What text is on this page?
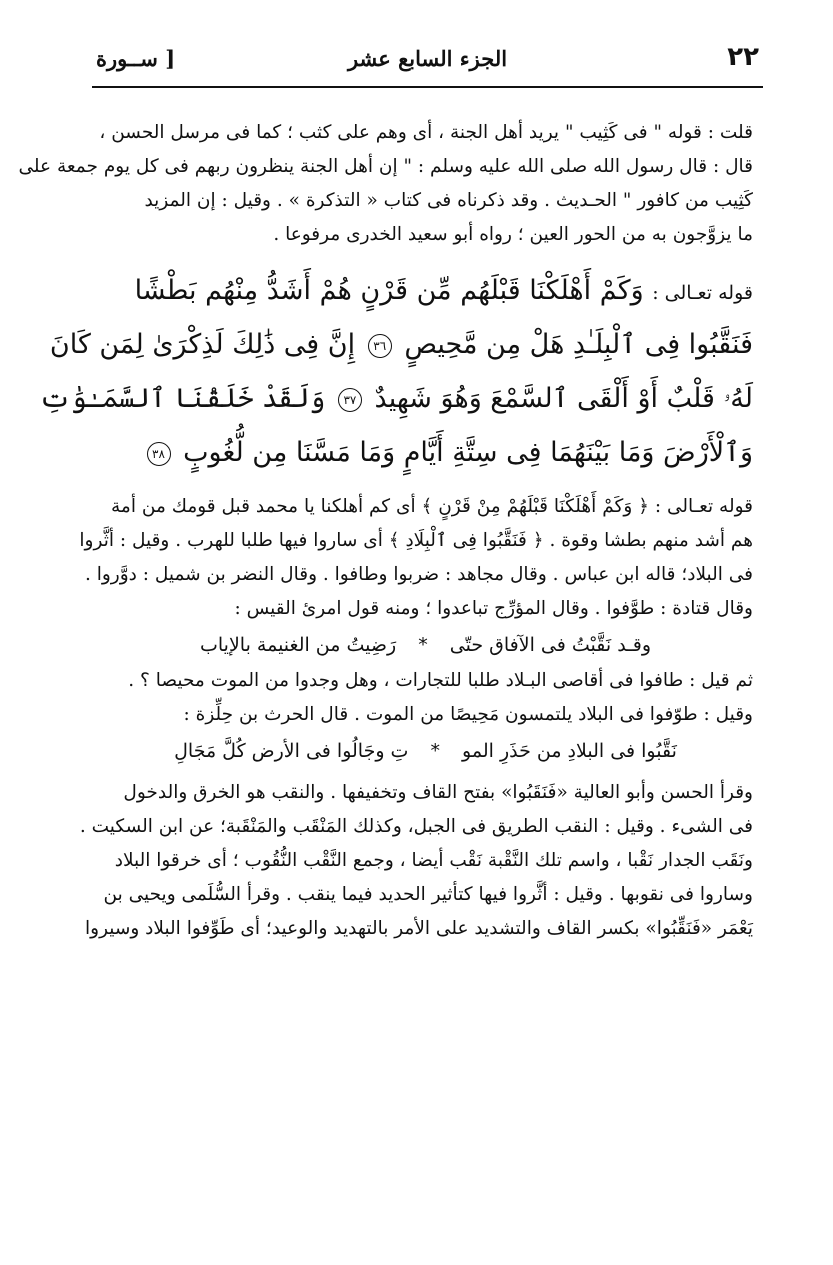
٢٢
الجزء السابع عشر
[ ســورة

قلت : قوله " فى كَثِيب " يريد أهل الجنة ، أى وهم على كثب ؛ كما فى مرسل الحسن ،

قال : قال رسول الله صلى الله عليه وسلم : " إن أهل الجنة ينظرون ربهم فى كل يوم جمعة على

كَثِيب من كافور " الحـديث . وقد ذكرناه فى كتاب « التذكرة » . وقيل : إن المزيد

ما يزوَّجون به من الحور العين ؛ رواه أبو سعيد الخدرى مرفوعا .

قوله تعـالى : وَكَمْ أَهْلَكْنَا قَبْلَهُم مِّن قَرْنٍ هُمْ أَشَدُّ مِنْهُم بَطْشًا

فَنَقَّبُوا فِى ٱلْبِلَـٰدِ هَلْ مِن مَّحِيصٍ ٣٦ إِنَّ فِى ذَٰلِكَ لَذِكْرَىٰ لِمَن كَانَ

لَهُۥ قَلْبٌ أَوْ أَلْقَى ٱلسَّمْعَ وَهُوَ شَهِيدٌ ٣٧ وَلَقَدْ خَلَقْنَا ٱلسَّمَـٰوَٰتِ

وَٱلْأَرْضَ وَمَا بَيْنَهُمَا فِى سِتَّةِ أَيَّامٍ وَمَا مَسَّنَا مِن لُّغُوبٍ ٣٨

قوله تعـالى : ﴿ وَكَمْ أَهْلَكْنَا قَبْلَهُمْ مِنْ قَرْنٍ ﴾ أى كم أهلكنا يا محمد قبل قومك من أمة

هم أشد منهم بطشا وقوة . ﴿ فَنَقَّبُوا فِى ٱلْبِلَادِ ﴾ أى ساروا فيها طلبا للهرب . وقيل : أثَّروا

فى البلاد؛ قاله ابن عباس . وقال مجاهد : ضربوا وطافوا . وقال النضر بن شميل : دوَّروا .

وقال قتادة : طوَّفوا . وقال المؤرِّج تباعدوا ؛ ومنه قول امرئ القيس :

وقـد نَقَّبْتُ فى الآفاق حتّى * رَضِيتُ من الغنيمة بالإياب

ثم قيل : طافوا فى أقاصى البـلاد طلبا للتجارات ، وهل وجدوا من الموت محيصا ؟ .

وقيل : طوّفوا فى البلاد يلتمسون مَحِيصًا من الموت . قال الحرث بن حِلِّزة :

نَقَّبُوا فى البلادِ من حَذَرِ المو * تِ وجَالُوا فى الأرض كُلَّ مَجَالِ

وقرأ الحسن وأبو العالية «فَنَقَبُوا» بفتح القاف وتخفيفها . والنقب هو الخرق والدخول

فى الشىء . وقيل : النقب الطريق فى الجبل، وكذلك المَنْقَب والمَنْقَبة؛ عن ابن السكيت .

ونَقَب الجدار نَقْبا ، واسم تلك النَّقْبة نَقْب أيضا ، وجمع النَّقْب النُّقُوب ؛ أى خرقوا البلاد

وساروا فى نقوبها . وقيل : أثَّروا فيها كتأثير الحديد فيما ينقب . وقرأ السُّلَمى ويحيى بن

يَعْمَر «فَنَقِّبُوا» بكسر القاف والتشديد على الأمر بالتهديد والوعيد؛ أى طَوِّفوا البلاد وسيروا
